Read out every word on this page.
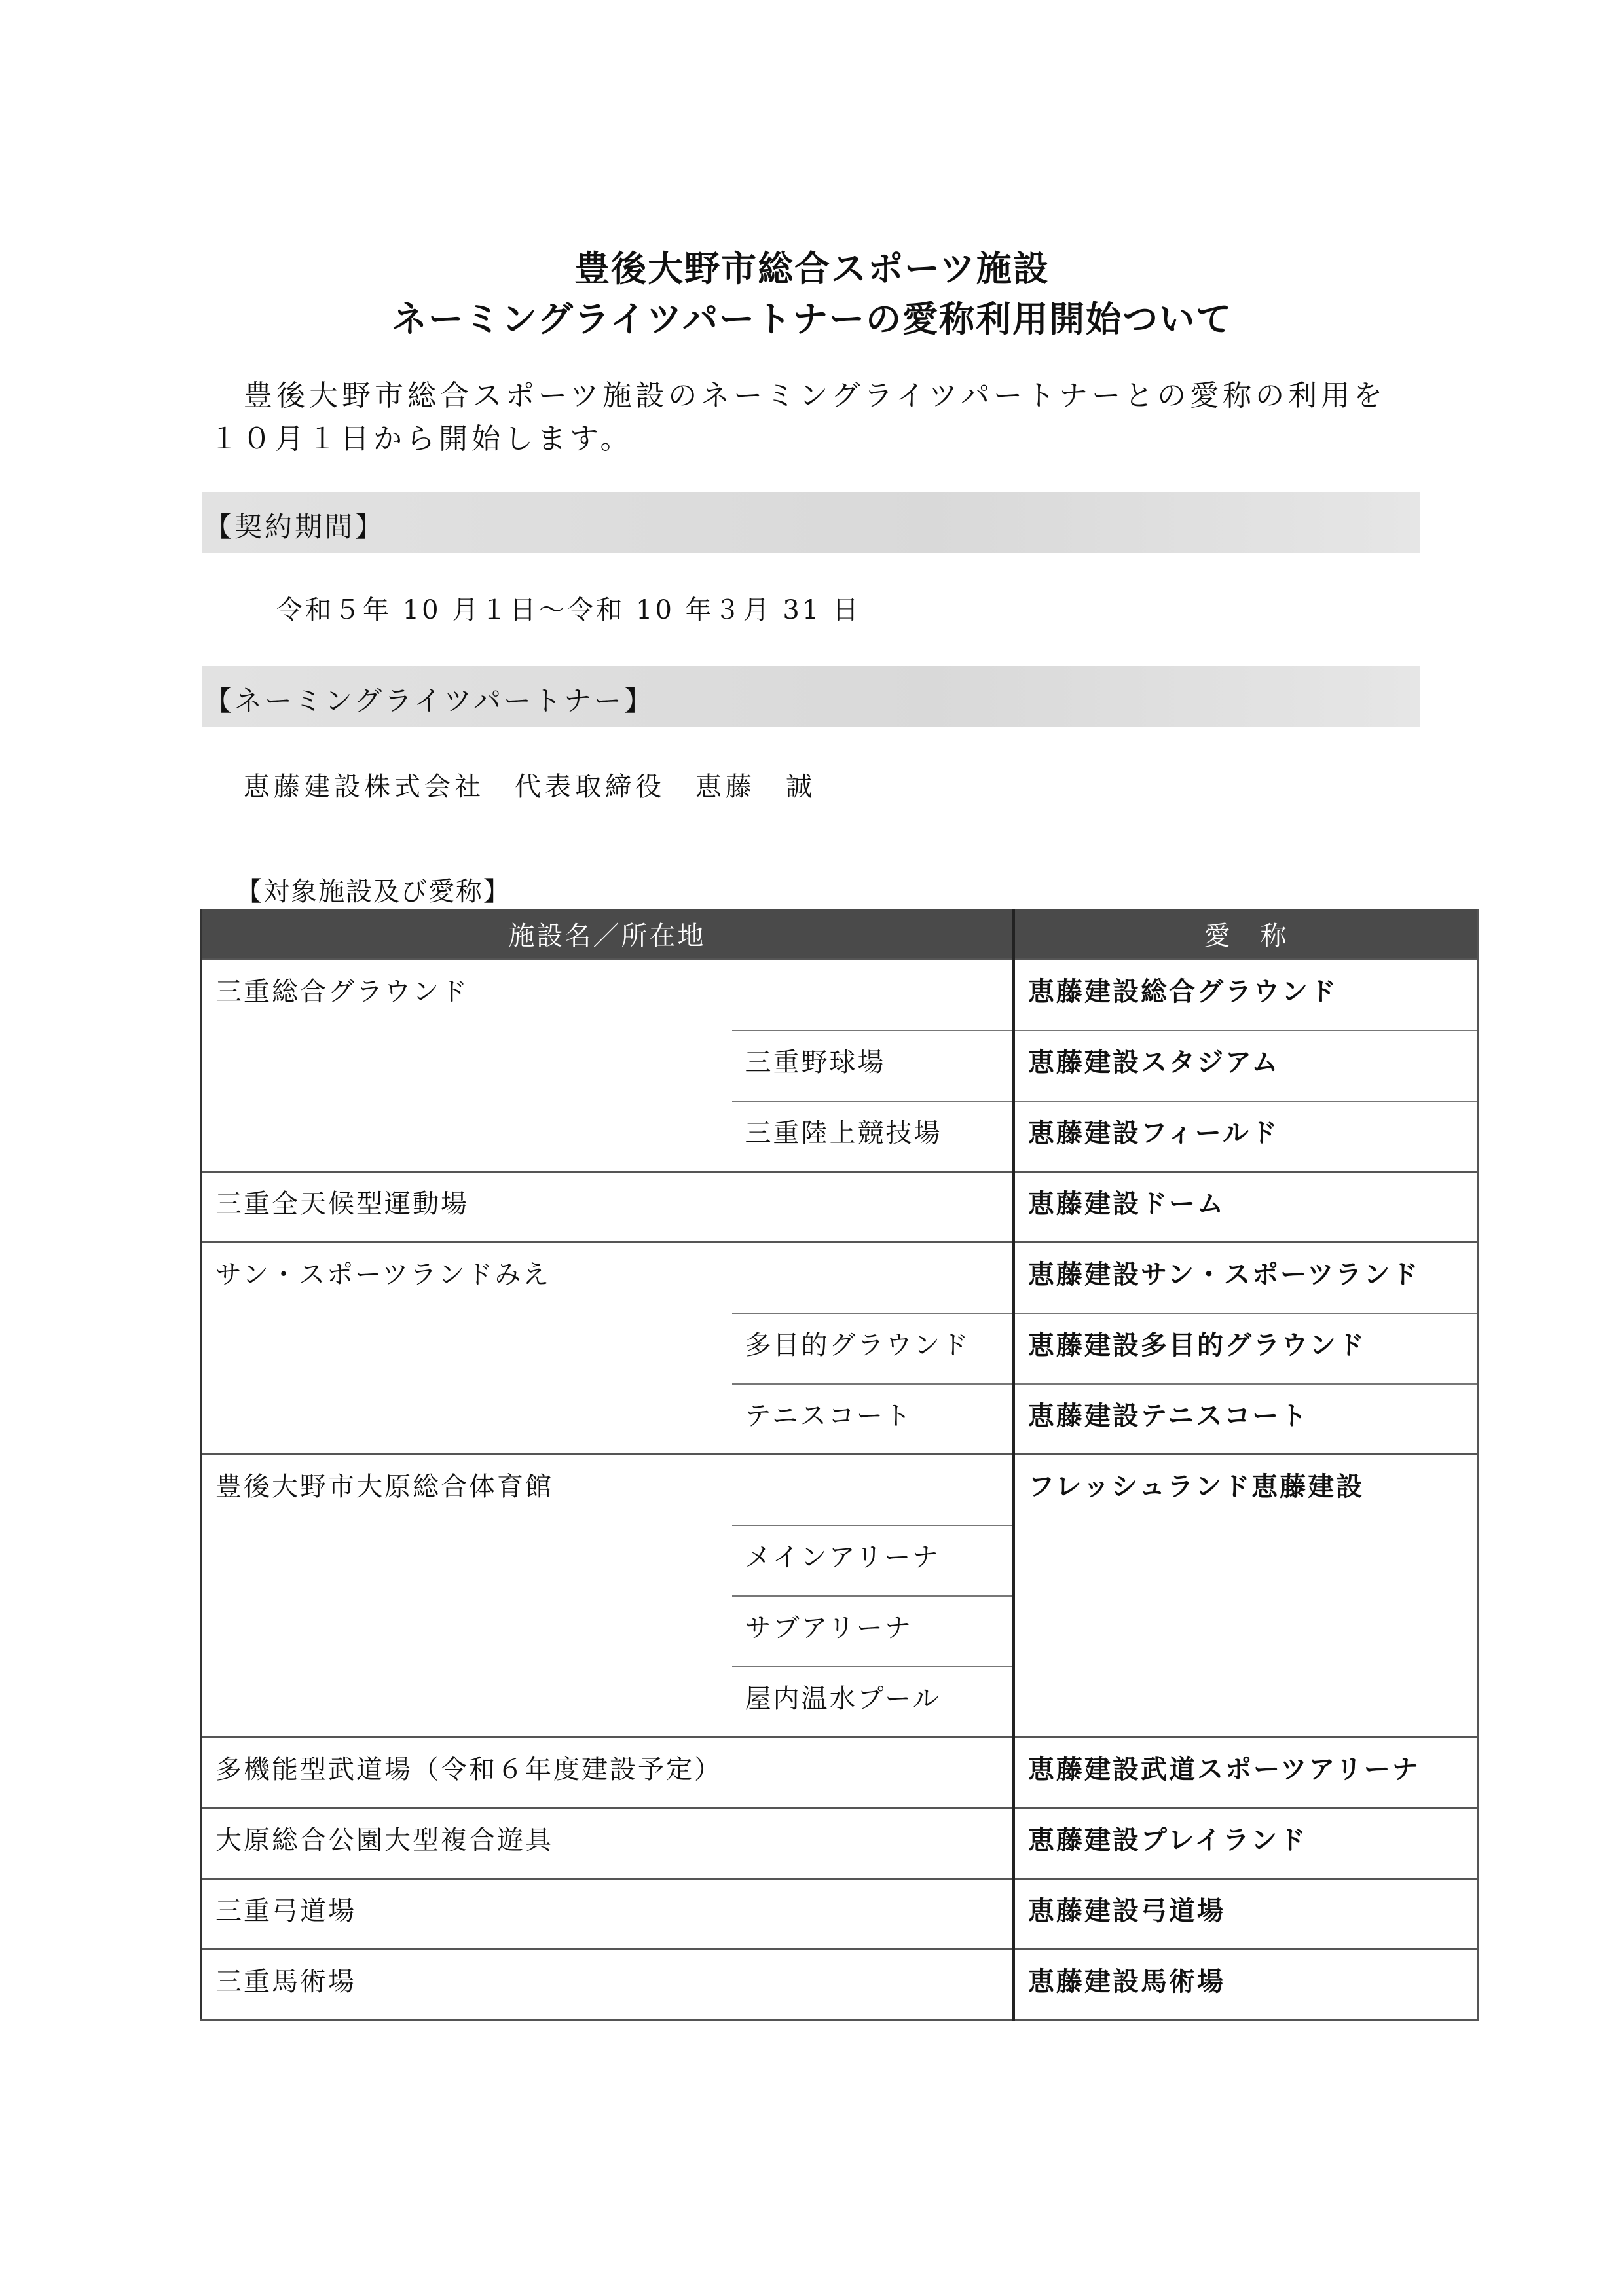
豊後大野市総合スポーツ施設
ネーミングライツパートナーの愛称利用開始ついて
豊後大野市総合スポーツ施設のネーミングライツパートナーとの愛称の利用を
１０月１日から開始します。
【契約期間】
令和５年 10 月１日～令和 10 年３月 31 日
【ネーミングライツパートナー】
恵藤建設株式会社　代表取締役　恵藤　誠
【対象施設及び愛称】
施設名／所在地		愛　称
三重総合グラウンド		恵藤建設総合グラウンド
	三重野球場	恵藤建設スタジアム
	三重陸上競技場	恵藤建設フィールド
三重全天候型運動場		恵藤建設ドーム
サン・スポーツランドみえ		恵藤建設サン・スポーツランド
	多目的グラウンド	恵藤建設多目的グラウンド
	テニスコート	恵藤建設テニスコート
豊後大野市大原総合体育館		フレッシュランド恵藤建設
	メインアリーナ	
	サブアリーナ	
	屋内温水プール	
多機能型武道場（令和６年度建設予定）		恵藤建設武道スポーツアリーナ
大原総合公園大型複合遊具		恵藤建設プレイランド
三重弓道場		恵藤建設弓道場
三重馬術場		恵藤建設馬術場
